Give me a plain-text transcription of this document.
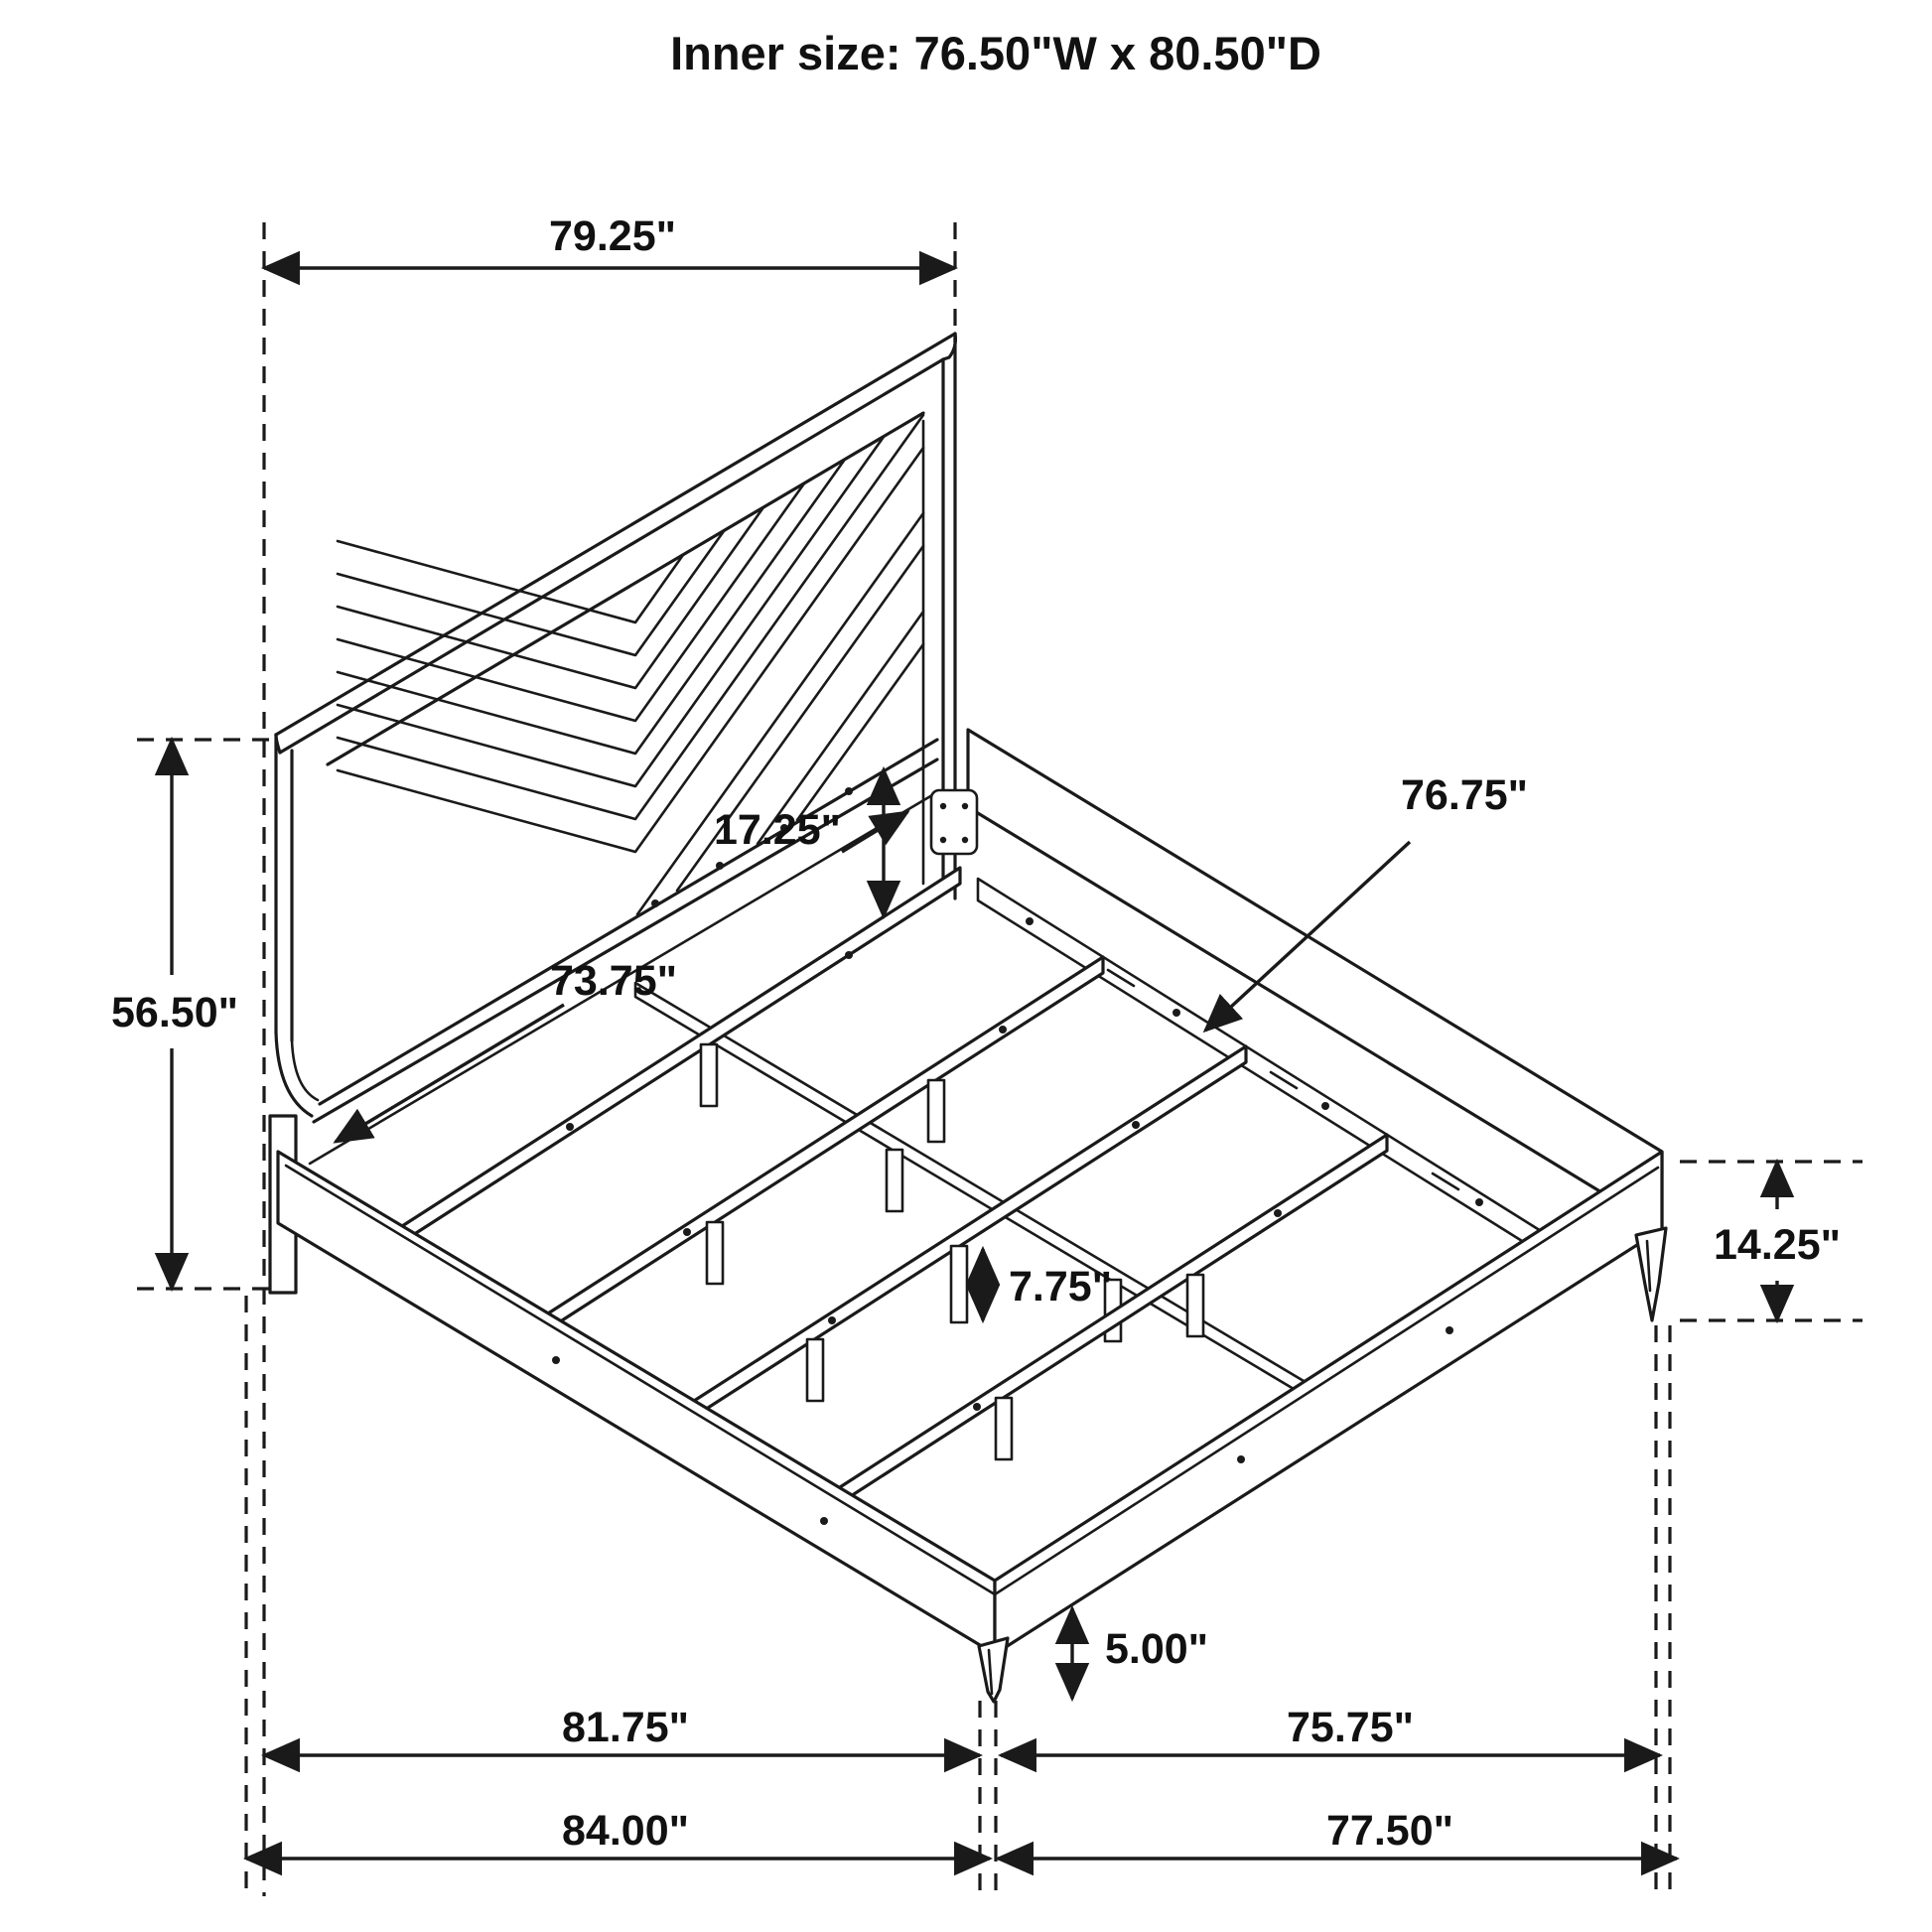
Inner size: 76.50"W x 80.50"D
79.25"
56.50"
17.25"
73.75"
76.75"
14.25"
7.75"
5.00"
81.75"	75.75"
84.00"	77.50"
